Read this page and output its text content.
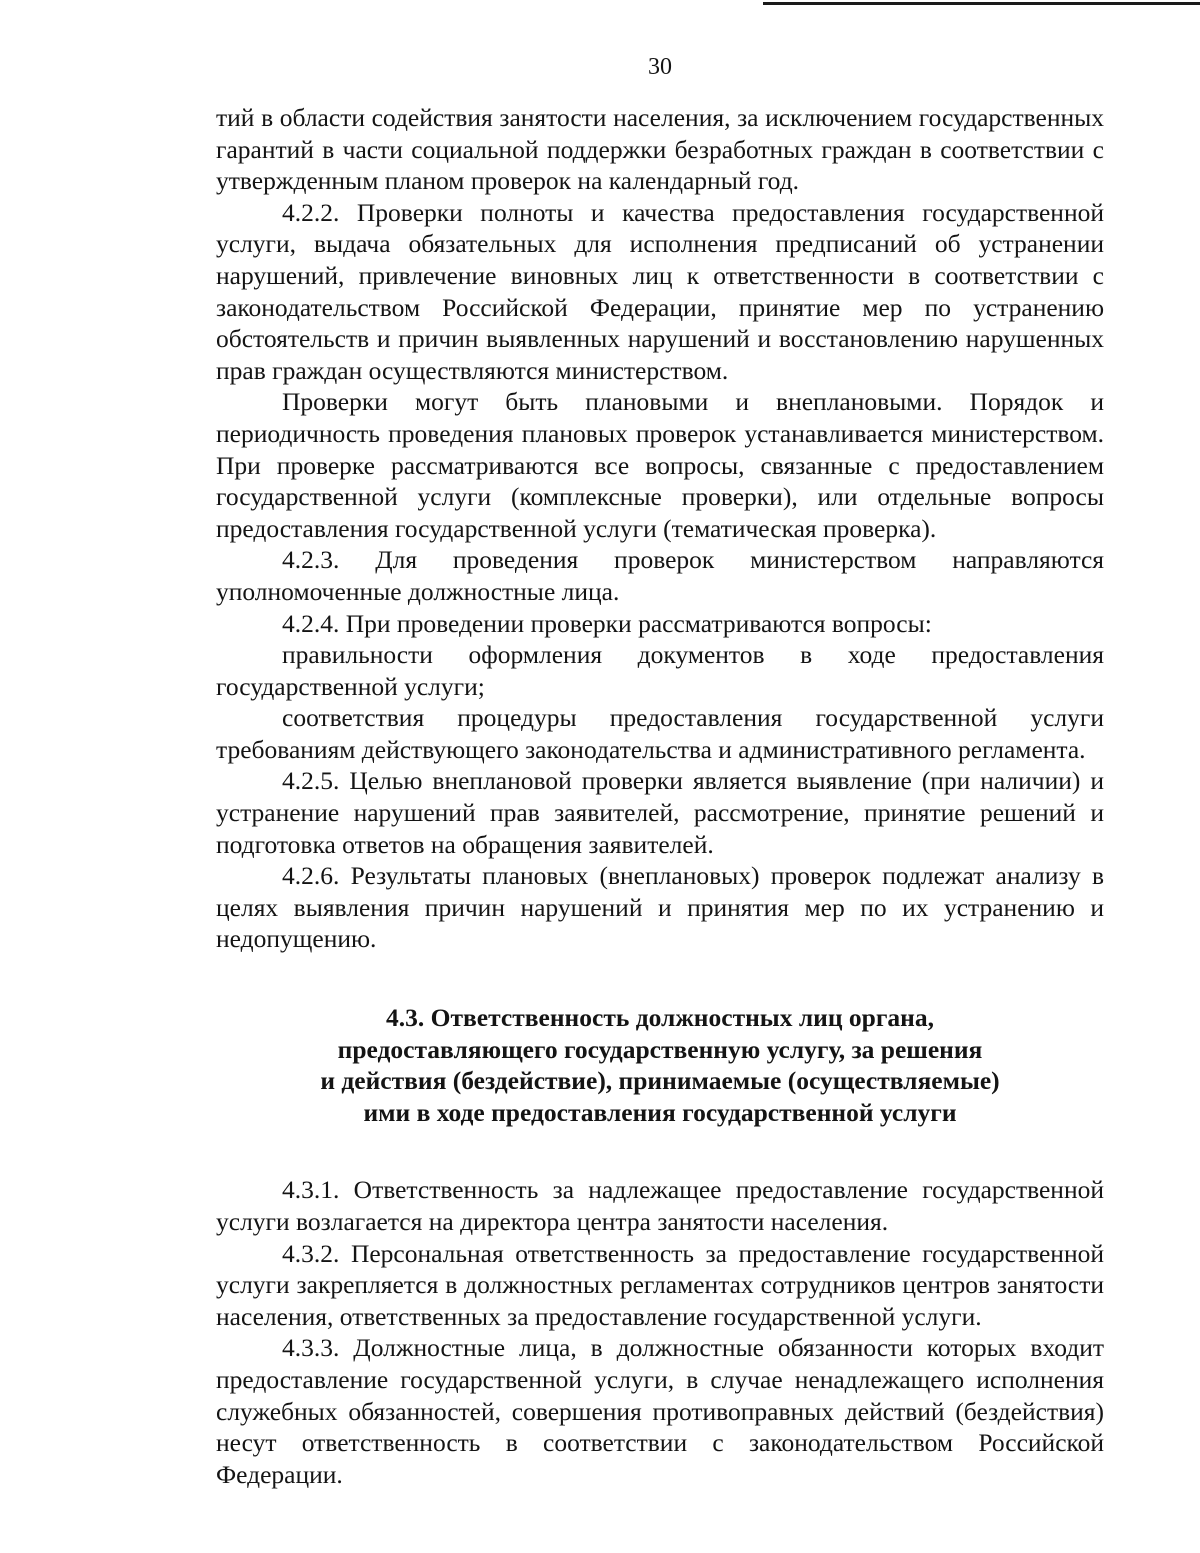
30

тий в области содействия занятости населения, за исключением государственных гарантий в части социальной поддержки безработных граждан в соответствии с утвержденным планом проверок на календарный год.

4.2.2. Проверки полноты и качества предоставления государственной услуги, выдача обязательных для исполнения предписаний об устранении нарушений, привлечение виновных лиц к ответственности в соответствии с законодательством Российской Федерации, принятие мер по устранению обстоятельств и причин выявленных нарушений и восстановлению нарушенных прав граждан осуществляются министерством.

Проверки могут быть плановыми и внеплановыми. Порядок и периодичность проведения плановых проверок устанавливается министерством. При проверке рассматриваются все вопросы, связанные с предоставлением государственной услуги (комплексные проверки), или отдельные вопросы предоставления государственной услуги (тематическая проверка).

4.2.3. Для проведения проверок министерством направляются уполномоченные должностные лица.

4.2.4. При проведении проверки рассматриваются вопросы:

правильности оформления документов в ходе предоставления государственной услуги;

соответствия процедуры предоставления государственной услуги требованиям действующего законодательства и административного регламента.

4.2.5. Целью внеплановой проверки является выявление (при наличии) и устранение нарушений прав заявителей, рассмотрение, принятие решений и подготовка ответов на обращения заявителей.

4.2.6. Результаты плановых (внеплановых) проверок подлежат анализу в целях выявления причин нарушений и принятия мер по их устранению и недопущению.

4.3. Ответственность должностных лиц органа,
предоставляющего государственную услугу, за решения
и действия (бездействие), принимаемые (осуществляемые)
ими в ходе предоставления государственной услуги

4.3.1. Ответственность за надлежащее предоставление государственной услуги возлагается на директора центра занятости населения.

4.3.2. Персональная ответственность за предоставление государственной услуги закрепляется в должностных регламентах сотрудников центров занятости населения, ответственных за предоставление государственной услуги.

4.3.3. Должностные лица, в должностные обязанности которых входит предоставление государственной услуги, в случае ненадлежащего исполнения служебных обязанностей, совершения противоправных действий (бездействия) несут ответственность в соответствии с законодательством Российской Федерации.
